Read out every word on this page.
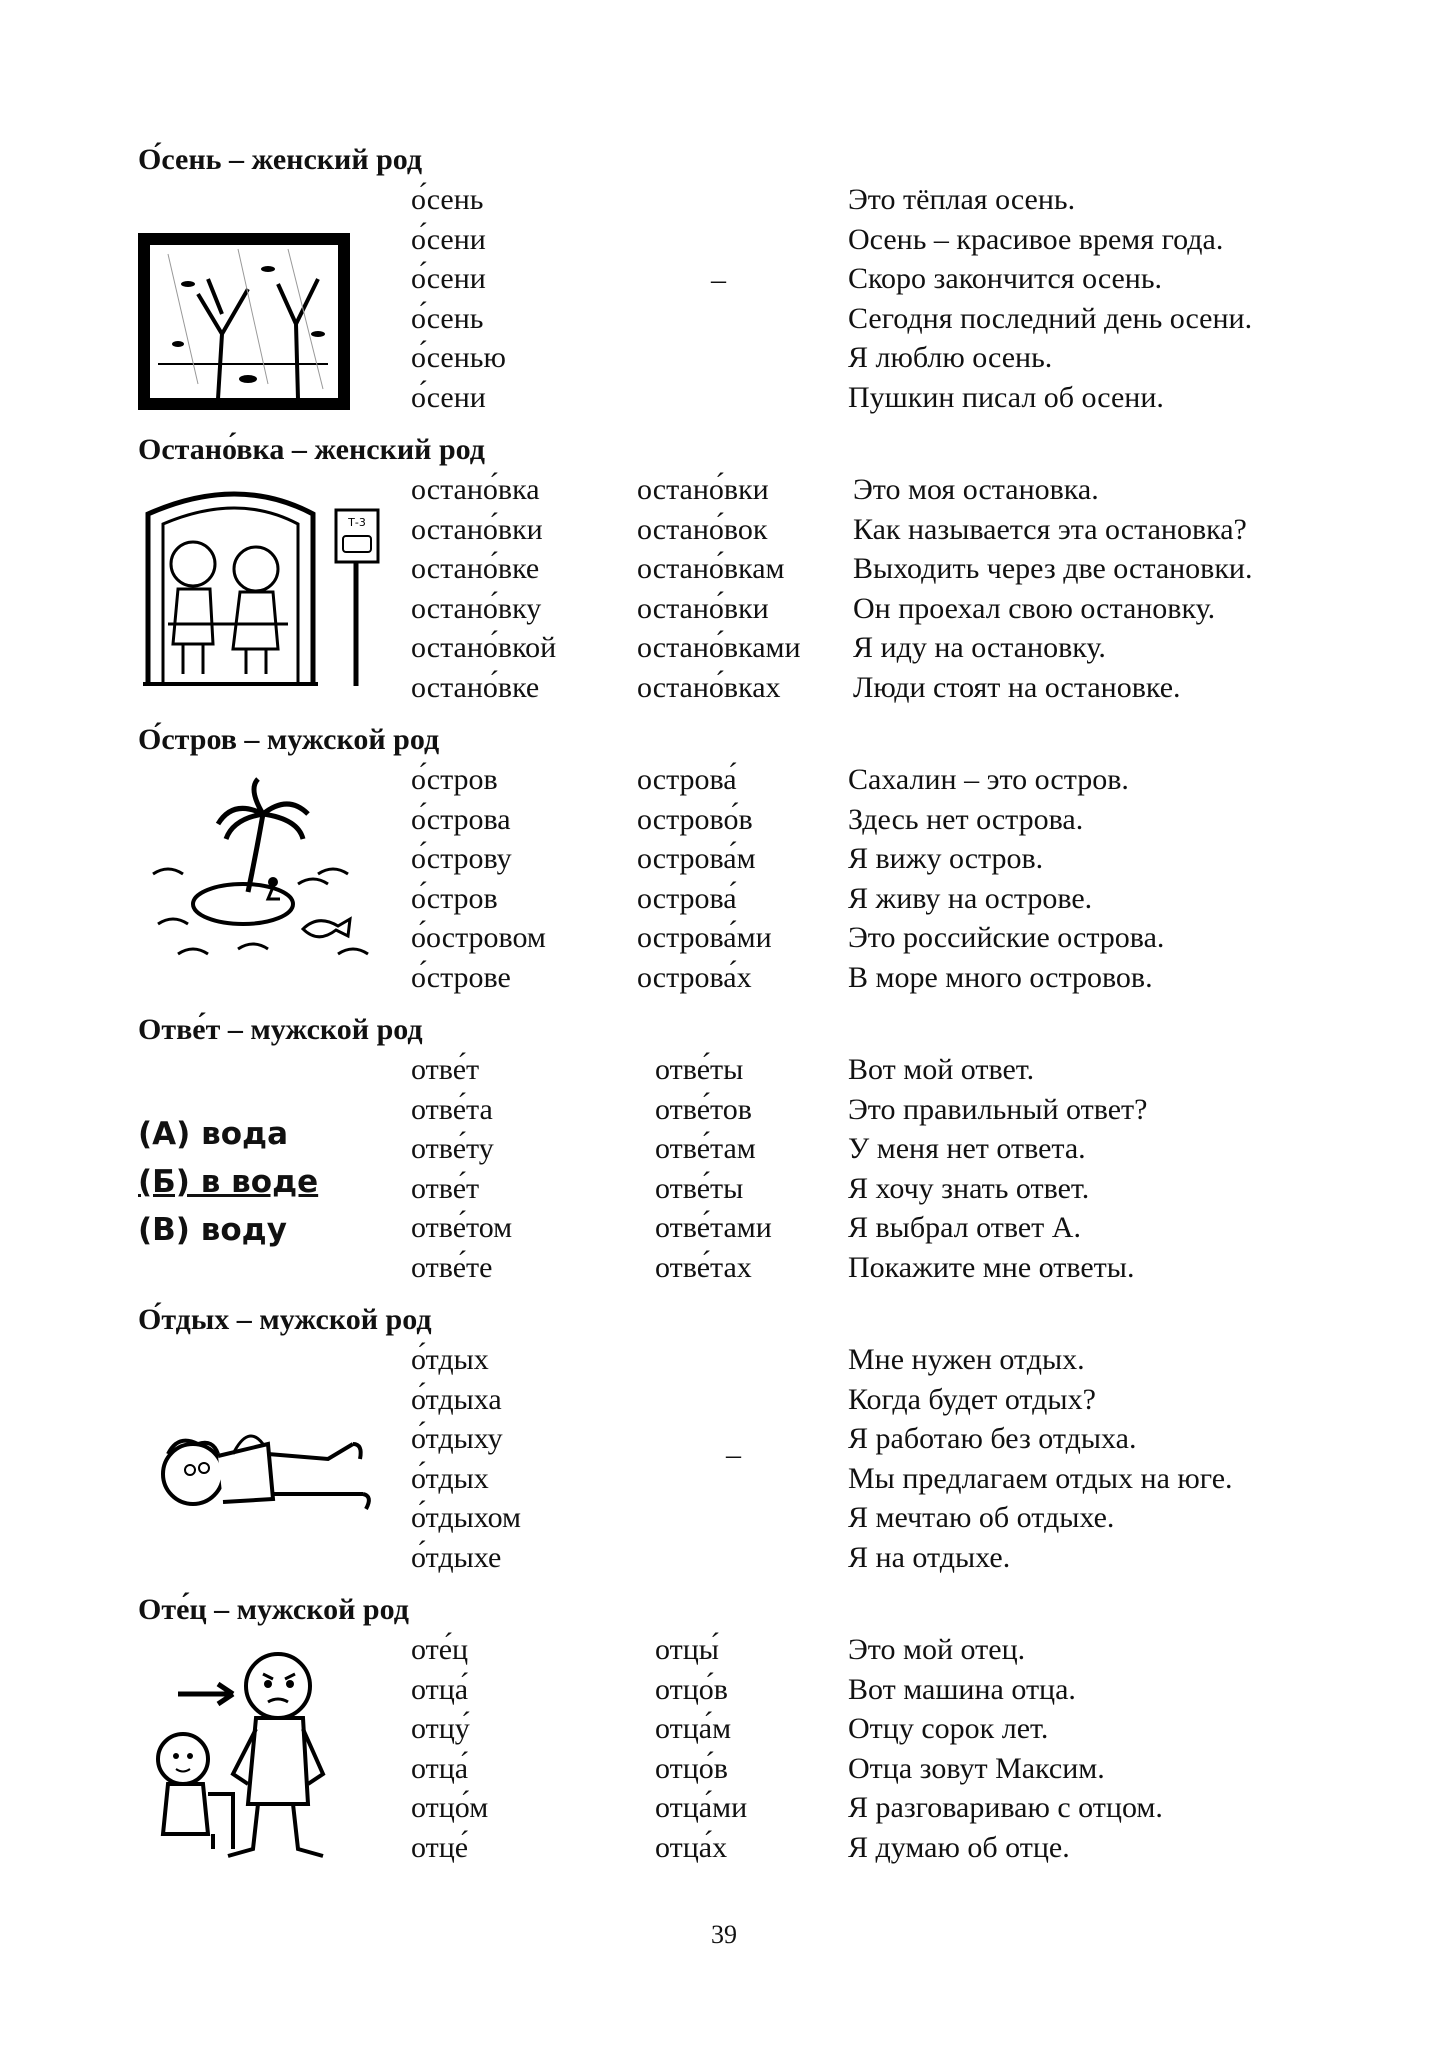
О́сень – женский род
о́сень
о́сени
о́сени
о́сень
о́сенью
о́сени
–
Это тёплая осень.
Осень – красивое время года.
Скоро закончится осень.
Сегодня последний день осени.
Я люблю осень.
Пушкин писал об осени.
Остано́вка – женский род
Т-3
остано́вка
остано́вки
остано́вке
остано́вку
остано́вкой
остано́вке
остано́вки
остано́вок
остано́вкам
остано́вки
остано́вками
остано́вках
Это моя остановка.
Как называется эта остановка?
Выходить через две остановки.
Он проехал свою остановку.
Я иду на остановку.
Люди стоят на остановке.
О́стров – мужской род
о́стров
о́строва
о́строву
о́стров
о́островом
о́строве
острова́
острово́в
острова́м
острова́
острова́ми
острова́х
Сахалин – это остров.
Здесь нет острова.
Я вижу остров.
Я живу на острове.
Это российские острова.
В море много островов.
Отве́т – мужской род
(А) вода
(Б) в воде
(В) воду
отве́т
отве́та
отве́ту
отве́т
отве́том
отве́те
отве́ты
отве́тов
отве́там
отве́ты
отве́тами
отве́тах
Вот мой ответ.
Это правильный ответ?
У меня нет ответа.
Я хочу знать ответ.
Я выбрал ответ А.
Покажите мне ответы.
О́тдых – мужской род
о́тдых
о́тдыха
о́тдыху
о́тдых
о́тдыхом
о́тдыхе
–
Мне нужен отдых.
Когда будет отдых?
Я работаю без отдыха.
Мы предлагаем отдых на юге.
Я мечтаю об отдыхе.
Я на отдыхе.
Оте́ц – мужской род
оте́ц
отца́
отцу́
отца́
отцо́м
отце́
отцы́
отцо́в
отца́м
отцо́в
отца́ми
отца́х
Это мой отец.
Вот машина отца.
Отцу сорок лет.
Отца зовут Максим.
Я разговариваю с отцом.
Я думаю об отце.
39
